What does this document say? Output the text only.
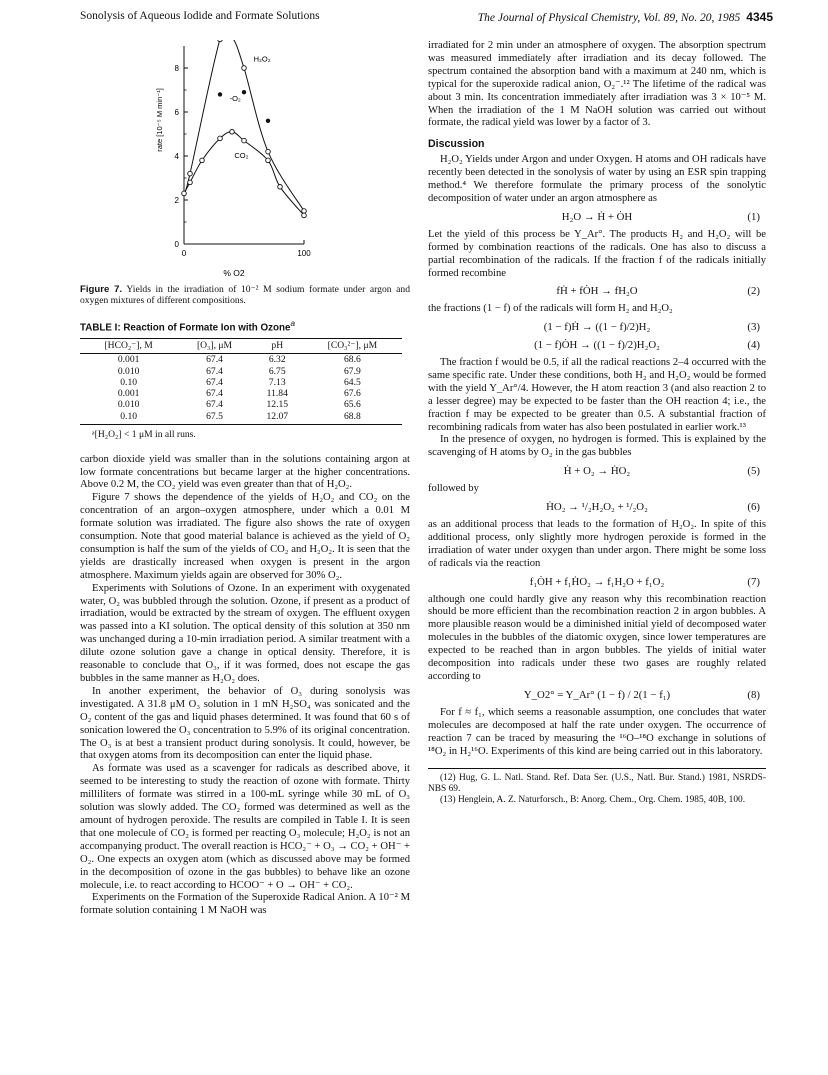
Sonolysis of Aqueous Iodide and Formate Solutions	The Journal of Physical Chemistry, Vol. 89, No. 20, 1985 4345
0
2
4
6
8
0	100
% O2
rate [10⁻⁵ M min⁻¹]
H₂O₂
-O₂
CO₂
Figure 7. Yields in the irradiation of 10⁻² M sodium formate under argon and oxygen mixtures of different compositions.
TABLE I: Reaction of Formate Ion with Ozone$^a$
[HCO₂⁻], M	[O₃], μM	pH	[CO₃²⁻], μM
0.001	67.4	6.32	68.6
0.010	67.4	6.75	67.9
0.10	67.4	7.13	64.5
0.001	67.4	11.84	67.6
0.010	67.4	12.15	65.6
0.10	67.5	12.07	68.8
ᵃ[H₂O₂] < 1 μM in all runs.

carbon dioxide yield was smaller than in the solutions containing argon at low formate concentrations but became larger at the higher concentrations. Above 0.2 M, the CO₂ yield was even greater than that of H₂O₂.

Figure 7 shows the dependence of the yields of H₂O₂ and CO₂ on the concentration of an argon–oxygen atmosphere, under which a 0.01 M formate solution was irradiated. The figure also shows the rate of oxygen consumption. Note that good material balance is achieved as the yield of O₂ consumption is half the sum of the yields of CO₂ and H₂O₂. It is seen that the yields are drastically increased when oxygen is present in the argon atmosphere. Maximum yields again are observed for 30% O₂.

Experiments with Solutions of Ozone. In an experiment with oxygenated water, O₂ was bubbled through the solution. Ozone, if present as a product of irradiation, would be extracted by the stream of oxygen. The effluent oxygen was passed into a KI solution. The optical density of this solution at 350 nm was unchanged during a 10-min irradiation period. A similar treatment with a dilute ozone solution gave a change in optical density. Therefore, it is reasonable to conclude that O₃, if it was formed, does not escape the gas bubbles in the same manner as H₂O₂ does.

In another experiment, the behavior of O₃ during sonolysis was investigated. A 31.8 μM O₃ solution in 1 mN H₂SO₄ was sonicated and the O₂ content of the gas and liquid phases determined. It was found that 60 s of sonication lowered the O₃ concentration to 5.9% of its original concentration. The O₃ is at best a transient product during sonolysis. It could, however, be that oxygen atoms from its decomposition can enter the liquid phase.

As formate was used as a scavenger for radicals as described above, it seemed to be interesting to study the reaction of ozone with formate. Thirty milliliters of formate was stirred in a 100-mL syringe while 30 mL of O₃ solution was slowly added. The CO₂ formed was determined as well as the amount of hydrogen peroxide. The results are compiled in Table I. It is seen that one molecule of CO₂ is formed per reacting O₃ molecule; H₂O₂ is not an accompanying product. The overall reaction is HCO₂⁻ + O₃ → CO₂ + OH⁻ + O₂. One expects an oxygen atom (which as discussed above may be formed in the decomposition of ozone in the gas bubbles) to behave like an ozone molecule, i.e. to react according to HCOO⁻ + O → OH⁻ + CO₂.

Experiments on the Formation of the Superoxide Radical Anion. A 10⁻² M formate solution containing 1 M NaOH was

irradiated for 2 min under an atmosphere of oxygen. The absorption spectrum was measured immediately after irradiation and its decay followed. The spectrum contained the absorption band with a maximum at 240 nm, which is typical for the superoxide radical anion, O₂⁻.¹² The lifetime of the radical was about 3 min. Its concentration immediately after irradiation was 3 × 10⁻⁵ M. When the irradiation of the 1 M NaOH solution was carried out without formate, the radical yield was lower by a factor of 3.

Discussion

H₂O₂ Yields under Argon and under Oxygen. H atoms and OH radicals have recently been detected in the sonolysis of water by using an ESR spin trapping method.⁴ We therefore formulate the primary process of the sonolytic decomposition of water under an argon atmosphere as

H₂O → Ḣ + ȮH	(1)

Let the yield of this process be Y_Ar°. The products H₂ and H₂O₂ will be formed by combination reactions of the radicals. One has also to discuss a partial recombination of the radicals. If the fraction f of the radicals initially formed recombine

fḢ + fȮH → fH₂O	(2)

the fractions (1 − f) of the radicals will form H₂ and H₂O₂

(1 − f)Ḣ → ((1 − f)/2)H₂	(3)
(1 − f)ȮH → ((1 − f)/2)H₂O₂	(4)

The fraction f would be 0.5, if all the radical reactions 2–4 occurred with the same specific rate. Under these conditions, both H₂ and H₂O₂ would be formed with the yield Y_Ar°/4. However, the H atom reaction 3 (and also reaction 2 to a lesser degree) may be expected to be faster than the OH reaction 4; i.e., the fraction f may be expected to be greater than 0.5. A substantial fraction of recombining radicals from water has also been postulated in earlier work.¹³

In the presence of oxygen, no hydrogen is formed. This is explained by the scavenging of H atoms by O₂ in the gas bubbles

Ḣ + O₂ → ḢO₂	(5)

followed by

ḢO₂ → ¹/₂H₂O₂ + ¹/₂O₂	(6)

as an additional process that leads to the formation of H₂O₂. In spite of this additional process, only slightly more hydrogen peroxide is formed in the irradiation of water under oxygen than under argon. There might be some loss of radicals via the reaction

f₁ȮH + f₁ḢO₂ → f₁H₂O + f₁O₂	(7)

although one could hardly give any reason why this recombination reaction should be more efficient than the recombination reaction 2 in argon bubbles. A more plausible reason would be a diminished initial yield of decomposed water molecules in the bubbles of the diatomic oxygen, since lower temperatures are expected to be reached than in argon bubbles. The yields of initial water decomposition into radicals under these two gases are roughly related according to

Y_O2° = Y_Ar° (1 − f) / 2(1 − f₁)	(8)

For f ≈ f₁, which seems a reasonable assumption, one concludes that water molecules are decomposed at half the rate under oxygen. The occurrence of reaction 7 can be traced by measuring the ¹⁶O–¹⁸O exchange in solutions of ¹⁸O₂ in H₂¹⁶O. Experiments of this kind are being carried out in this laboratory.

(12) Hug, G. L. Natl. Stand. Ref. Data Ser. (U.S., Natl. Bur. Stand.) 1981, NSRDS-NBS 69.

(13) Henglein, A. Z. Naturforsch., B: Anorg. Chem., Org. Chem. 1985, 40B, 100.
